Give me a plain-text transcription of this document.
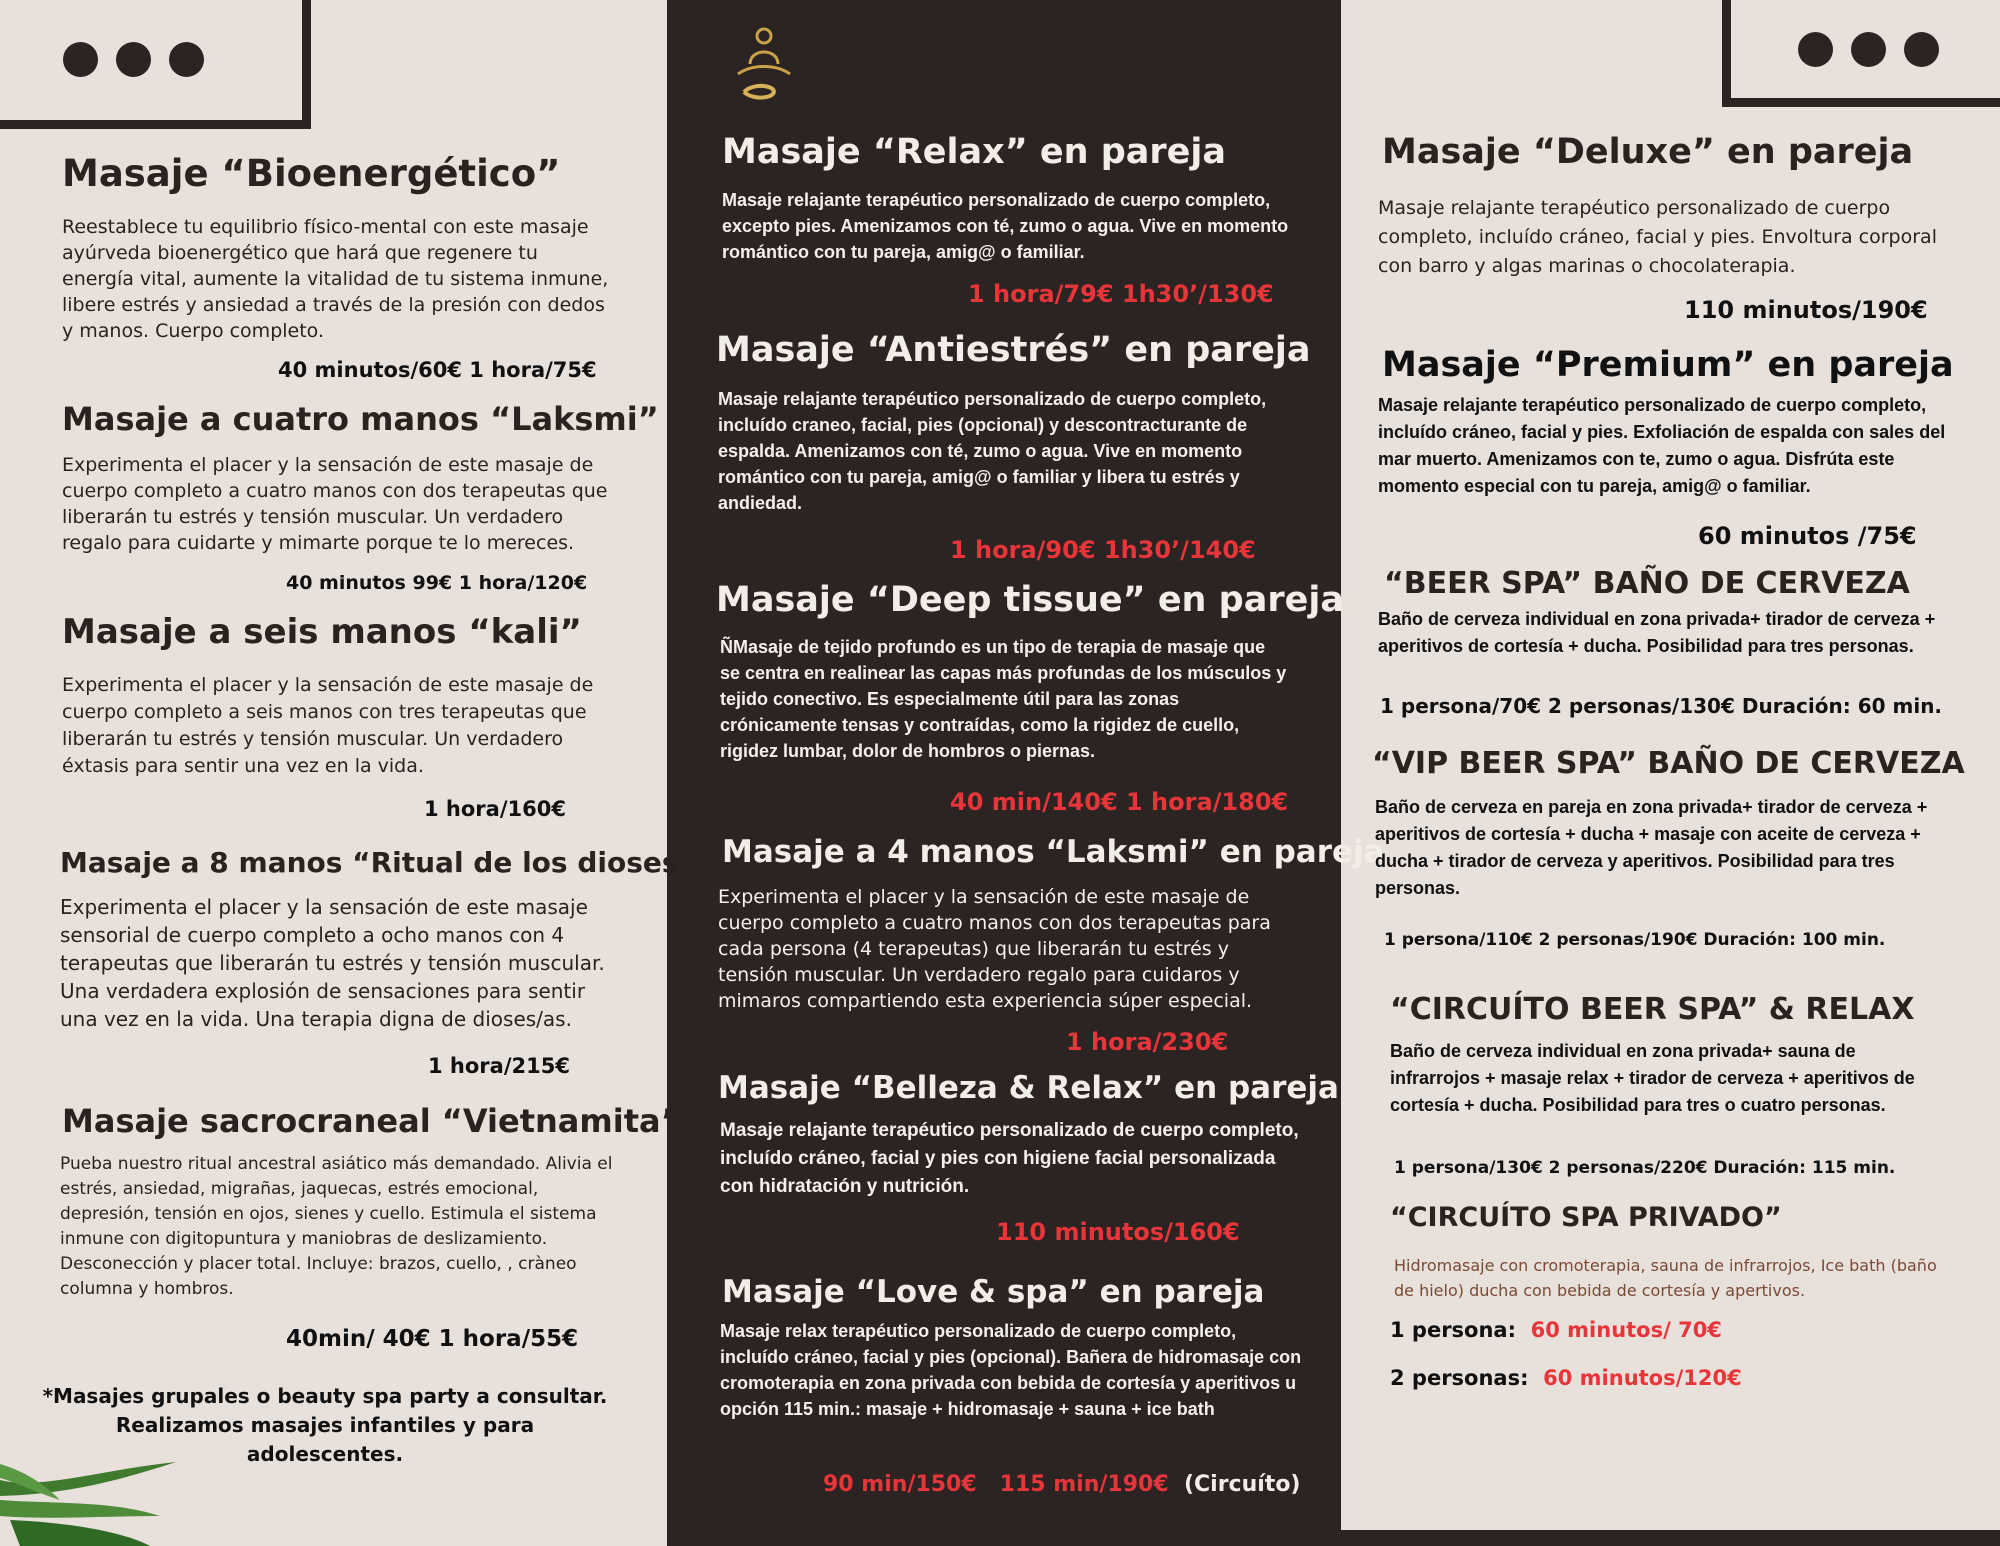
Masaje “Bioenergético”
Reestablece tu equilibrio físico-mental con este masaje ayúrveda bioenergético que hará que regenere tu energía vital, aumente la vitalidad de tu sistema inmune, libere estrés y ansiedad a través de la presión con dedos y manos. Cuerpo completo.
40 minutos/60€ 1 hora/75€
Masaje a cuatro manos “Laksmi”
Experimenta el placer y la sensación de este masaje de cuerpo completo a cuatro manos con dos terapeutas que liberarán tu estrés y tensión muscular. Un verdadero regalo para cuidarte y mimarte porque te lo mereces.
40 minutos 99€ 1 hora/120€
Masaje a seis manos “kali”
Experimenta el placer y la sensación de este masaje de cuerpo completo a seis manos con tres terapeutas que liberarán tu estrés y tensión muscular. Un verdadero éxtasis para sentir una vez en la vida.
1 hora/160€
Masaje a 8 manos “Ritual de los dioses”
Experimenta el placer y la sensación de este masaje sensorial de cuerpo completo a ocho manos con 4 terapeutas que liberarán tu estrés y tensión muscular. Una verdadera explosión de sensaciones para sentir una vez en la vida. Una terapia digna de dioses/as.
1 hora/215€
Masaje sacrocraneal “Vietnamita”
Pueba nuestro ritual ancestral asiático más demandado. Alivia el estrés, ansiedad, migrañas, jaquecas, estrés emocional, depresión, tensión en ojos, sienes y cuello. Estimula el sistema inmune con digitopuntura y maniobras de deslizamiento. Desconección y placer total. Incluye: brazos, cuello, , cràneo columna y hombros.
40min/ 40€ 1 hora/55€
*Masajes grupales o beauty spa party a consultar.
Realizamos masajes infantiles y para adolescentes.
Masaje “Relax” en pareja
Masaje relajante terapéutico personalizado de cuerpo completo, excepto pies. Amenizamos con té, zumo o agua. Vive en momento romántico con tu pareja, amig@ o familiar.
1 hora/79€ 1h30’/130€
Masaje “Antiestrés” en pareja
Masaje relajante terapéutico personalizado de cuerpo completo, incluído craneo, facial, pies (opcional) y descontracturante de espalda. Amenizamos con té, zumo o agua. Vive en momento romántico con tu pareja, amig@ o familiar y libera tu estrés y andiedad.
1 hora/90€ 1h30’/140€
Masaje “Deep tissue” en pareja
ÑMasaje de tejido profundo es un tipo de terapia de masaje que se centra en realinear las capas más profundas de los músculos y tejido conectivo. Es especialmente útil para las zonas crónicamente tensas y contraídas, como la rigidez de cuello, rigidez lumbar, dolor de hombros o piernas.
40 min/140€ 1 hora/180€
Masaje a 4 manos “Laksmi” en pareja
Experimenta el placer y la sensación de este masaje de cuerpo completo a cuatro manos con dos terapeutas para cada persona (4 terapeutas) que liberarán tu estrés y tensión muscular. Un verdadero regalo para cuidaros y mimaros compartiendo esta experiencia súper especial.
1 hora/230€
Masaje “Belleza & Relax” en pareja
Masaje relajante terapéutico personalizado de cuerpo completo, incluído cráneo, facial y pies con higiene facial personalizada con hidratación y nutrición.
110 minutos/160€
Masaje “Love & spa” en pareja
Masaje relax terapéutico personalizado de cuerpo completo, incluído cráneo, facial y pies (opcional). Bañera de hidromasaje con cromoterapia en zona privada con bebida de cortesía y aperitivos u opción 115 min.: masaje + hidromasaje + sauna + ice bath
90 min/150€ 115 min/190€ (Circuíto)
Masaje “Deluxe” en pareja
Masaje relajante terapéutico personalizado de cuerpo completo, incluído cráneo, facial y pies. Envoltura corporal con barro y algas marinas o chocolaterapia.
110 minutos/190€
Masaje “Premium” en pareja
Masaje relajante terapéutico personalizado de cuerpo completo, incluído cráneo, facial y pies. Exfoliación de espalda con sales del mar muerto. Amenizamos con te, zumo o agua. Disfrúta este momento especial con tu pareja, amig@ o familiar.
60 minutos /75€
“BEER SPA” BAÑO DE CERVEZA
Baño de cerveza individual en zona privada+ tirador de cerveza + aperitivos de cortesía + ducha. Posibilidad para tres personas.
1 persona/70€ 2 personas/130€ Duración: 60 min.
“VIP BEER SPA” BAÑO DE CERVEZA
Baño de cerveza en pareja en zona privada+ tirador de cerveza + aperitivos de cortesía + ducha + masaje con aceite de cerveza + ducha + tirador de cerveza y aperitivos. Posibilidad para tres personas.
1 persona/110€ 2 personas/190€ Duración: 100 min.
“CIRCUÍTO BEER SPA” & RELAX
Baño de cerveza individual en zona privada+ sauna de infrarrojos + masaje relax + tirador de cerveza + aperitivos de cortesía + ducha. Posibilidad para tres o cuatro personas.
1 persona/130€ 2 personas/220€ Duración: 115 min.
“CIRCUÍTO SPA PRIVADO”
Hidromasaje con cromoterapia, sauna de infrarrojos, Ice bath (baño de hielo) ducha con bebida de cortesía y apertivos.
1 persona: 60 minutos/ 70€
2 personas: 60 minutos/120€
